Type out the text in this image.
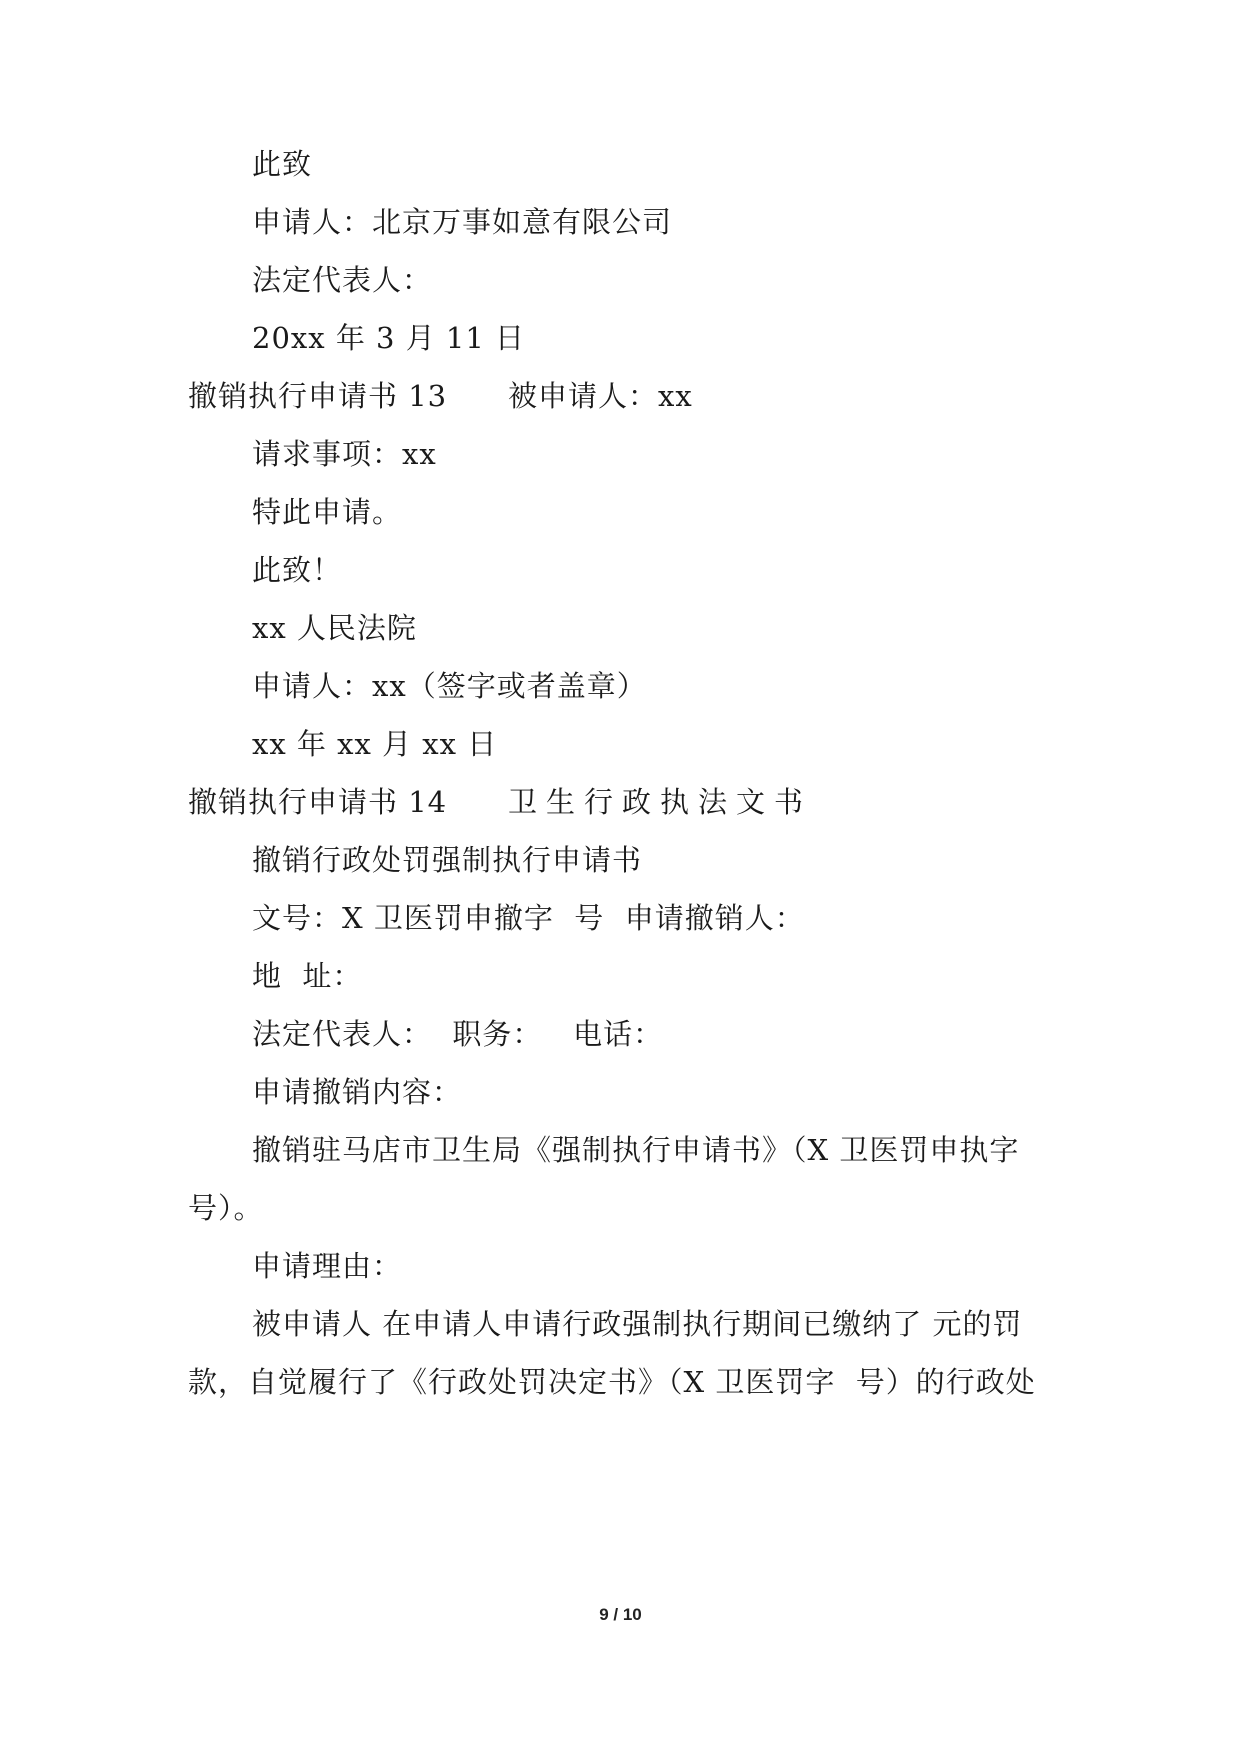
此致
申请人：北京万事如意有限公司
法定代表人：
20xx 年 3 月 11 日
撤销执行申请书 13 被申请人：xx
请求事项：xx
特此申请。
此致！
xx 人民法院
申请人：xx（签字或者盖章）
xx 年 xx 月 xx 日
撤销执行申请书 14 卫生行政执法文书
撤销行政处罚强制执行申请书
文号：X 卫医罚申撤字  号  申请撤销人：
地  址：
法定代表人：  职务：   电话：
申请撤销内容：
撤销驻马店市卫生局《强制执行申请书》（X 卫医罚申执字
号）。
申请理由：
被申请人 在申请人申请行政强制执行期间已缴纳了 元的罚
款，自觉履行了《行政处罚决定书》（X 卫医罚字  号）的行政处
9 / 10
